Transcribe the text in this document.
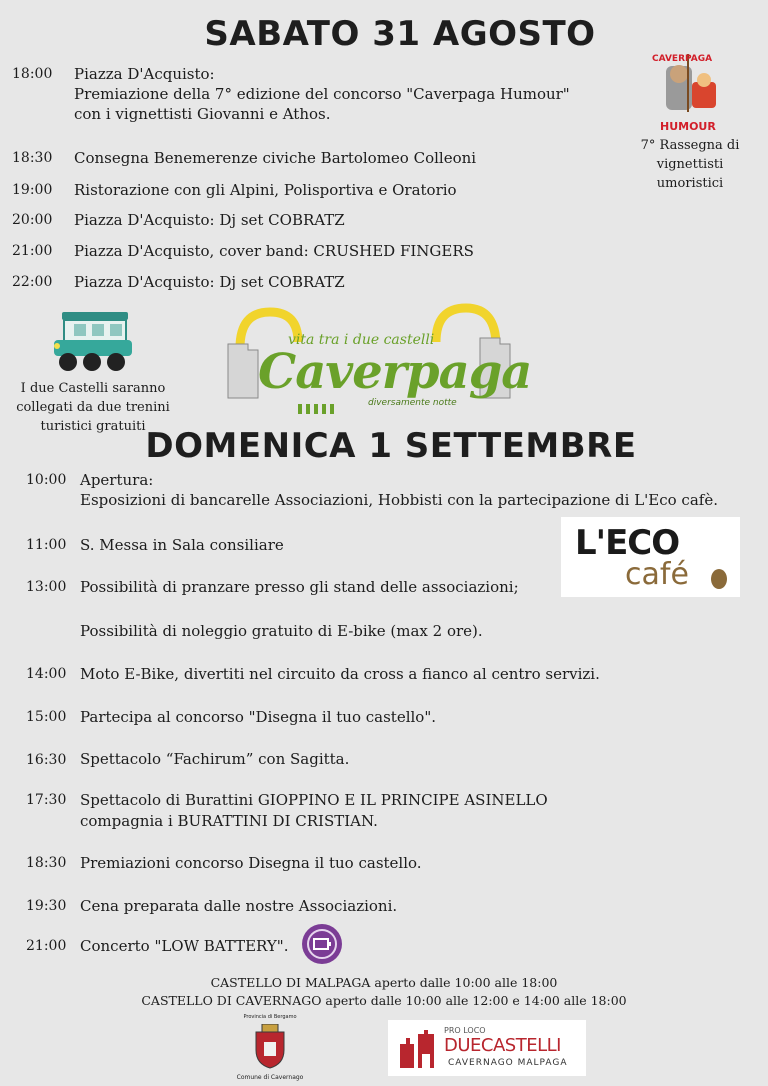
SABATO 31 AGOSTO
18:00 Piazza D'Acquisto:
Premiazione della 7° edizione del concorso "Caverpaga Humour"
con i vignettisti Giovanni e Athos.
18:30 Consegna Benemerenze civiche Bartolomeo Colleoni
19:00 Ristorazione con gli Alpini, Polisportiva e Oratorio
20:00 Piazza D'Acquisto: Dj set COBRATZ
21:00 Piazza D'Acquisto, cover band: CRUSHED FINGERS
22:00 Piazza D'Acquisto: Dj set COBRATZ
CAVERPAGA
HUMOUR
7° Rassegna di
vignettisti
umoristici
I due Castelli saranno
collegati da due trenini
turistici gratuiti
vita tra i due castelli
Caverpaga
diversamente notte
DOMENICA 1 SETTEMBRE
10:00 Apertura:
Esposizioni di bancarelle Associazioni, Hobbisti con la partecipazione di L'Eco cafè.
11:00 S. Messa in Sala consiliare	L'ECO
café
13:00 Possibilità di pranzare presso gli stand delle associazioni;
Possibilità di noleggio gratuito di E-bike (max 2 ore).
14:00 Moto E-Bike, divertiti nel circuito da cross a fianco al centro servizi.
15:00 Partecipa al concorso "Disegna il tuo castello".
16:30 Spettacolo “Fachirum” con Sagitta.
17:30 Spettacolo di Burattini GIOPPINO E IL PRINCIPE ASINELLO
compagnia i BURATTINI DI CRISTIAN.
18:30 Premiazioni concorso Disegna il tuo castello.
19:30 Cena preparata dalle nostre Associazioni.
21:00 Concerto "LOW BATTERY".
CASTELLO DI MALPAGA aperto dalle 10:00 alle 18:00
CASTELLO DI CAVERNAGO aperto dalle 10:00 alle 12:00 e 14:00 alle 18:00
Provincia di Bergamo
Comune di Cavernago
PRO LOCO
DUECASTELLI
CAVERNAGO MALPAGA
